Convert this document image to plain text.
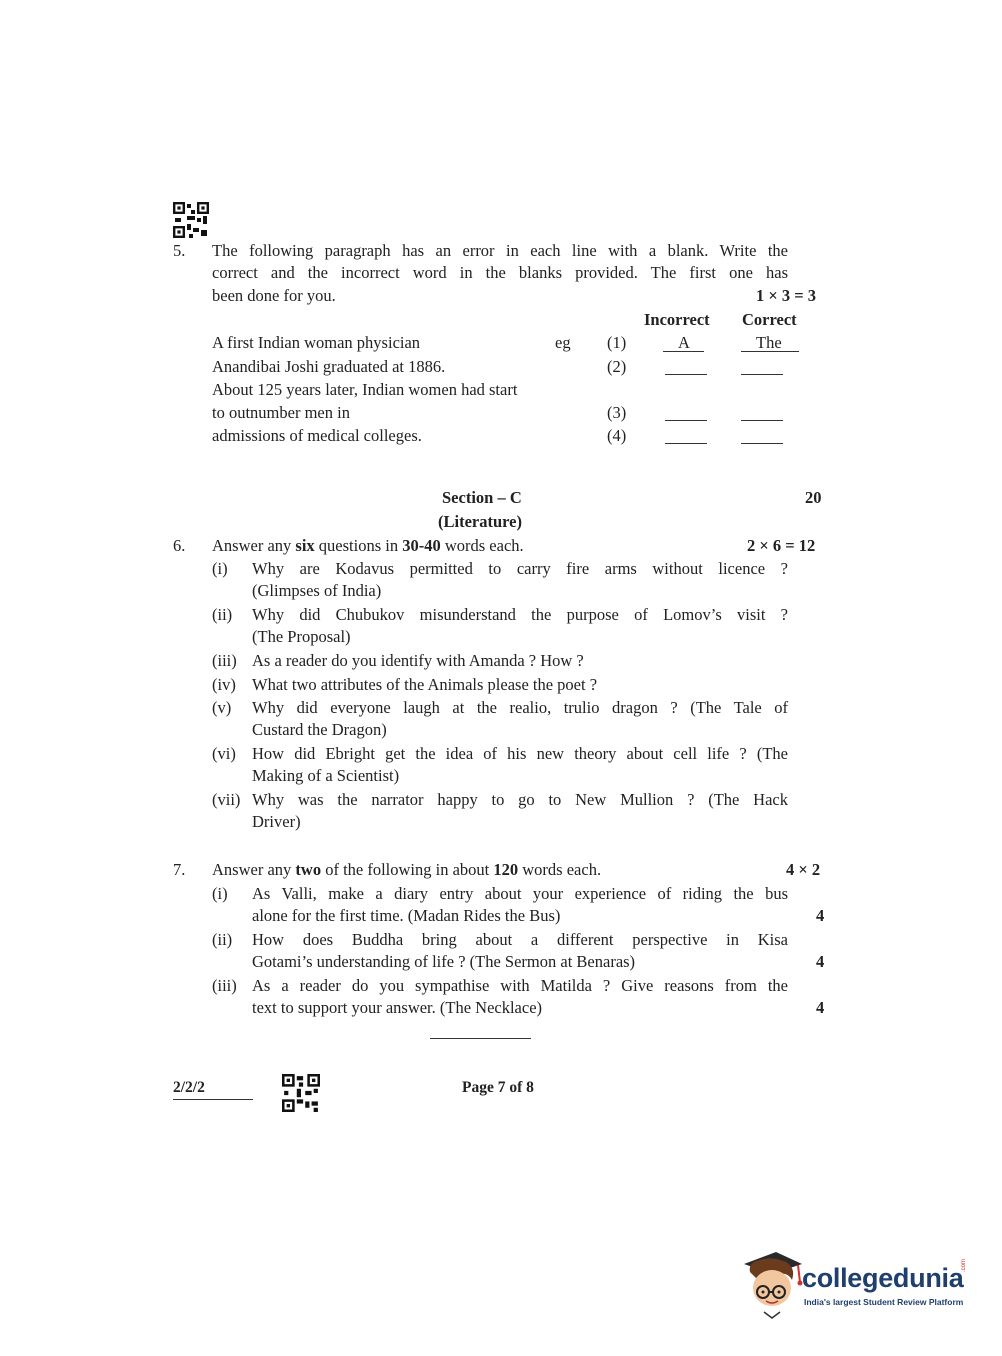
5. The following paragraph has an error in each line with a blank. Write the
correct and the incorrect word in the blanks provided. The first one has
been done for you.	1 × 3 = 3
Incorrect Correct
A first Indian woman physician	eg (1)	A	The
Anandibai Joshi graduated at 1886.	(2)
About 125 years later, Indian women had start
to outnumber men in	(3)
admissions of medical colleges.	(4)
Section – C	20
(Literature)
6. Answer any six questions in 30-40 words each.	2 × 6 = 12
(i) Why are Kodavus permitted to carry fire arms without licence ?
(Glimpses of India)
(ii) Why did Chubukov misunderstand the purpose of Lomov’s visit ?
(The Proposal)
(iii) As a reader do you identify with Amanda ? How ?
(iv) What two attributes of the Animals please the poet ?
(v) Why did everyone laugh at the realio, trulio dragon ? (The Tale of
Custard the Dragon)
(vi) How did Ebright get the idea of his new theory about cell life ? (The
Making of a Scientist)
(vii) Why was the narrator happy to go to New Mullion ? (The Hack
Driver)
7. Answer any two of the following in about 120 words each.	4 × 2
(i) As Valli, make a diary entry about your experience of riding the bus
alone for the first time. (Madan Rides the Bus)	4
(ii) How does Buddha bring about a different perspective in Kisa
Gotami’s understanding of life ? (The Sermon at Benaras)	4
(iii) As a reader do you sympathise with Matilda ? Give reasons from the
text to support your answer. (The Necklace)	4
2/2/2	Page 7 of 8
collegedunia
.com
India's largest Student Review Platform
